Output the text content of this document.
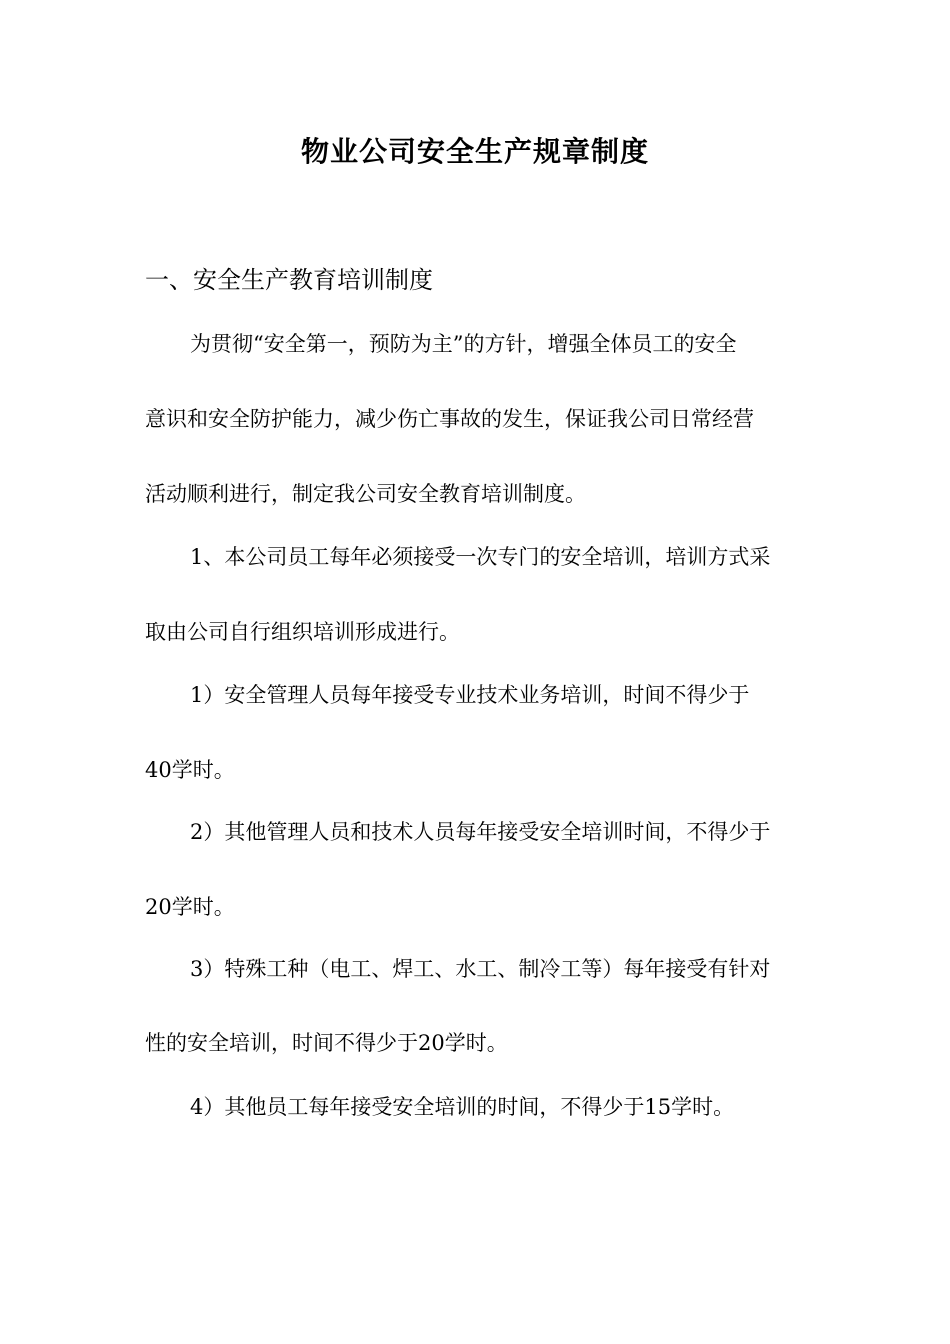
物业公司安全生产规章制度

一、安全生产教育培训制度

为贯彻“安全第一，预防为主”的方针，增强全体员工的安全

意识和安全防护能力，减少伤亡事故的发生，保证我公司日常经营

活动顺利进行，制定我公司安全教育培训制度。

1、本公司员工每年必须接受一次专门的安全培训，培训方式采

取由公司自行组织培训形成进行。

1）安全管理人员每年接受专业技术业务培训，时间不得少于

40学时。

2）其他管理人员和技术人员每年接受安全培训时间，不得少于

20学时。

3）特殊工种（电工、焊工、水工、制冷工等）每年接受有针对

性的安全培训，时间不得少于20学时。

4）其他员工每年接受安全培训的时间，不得少于15学时。
